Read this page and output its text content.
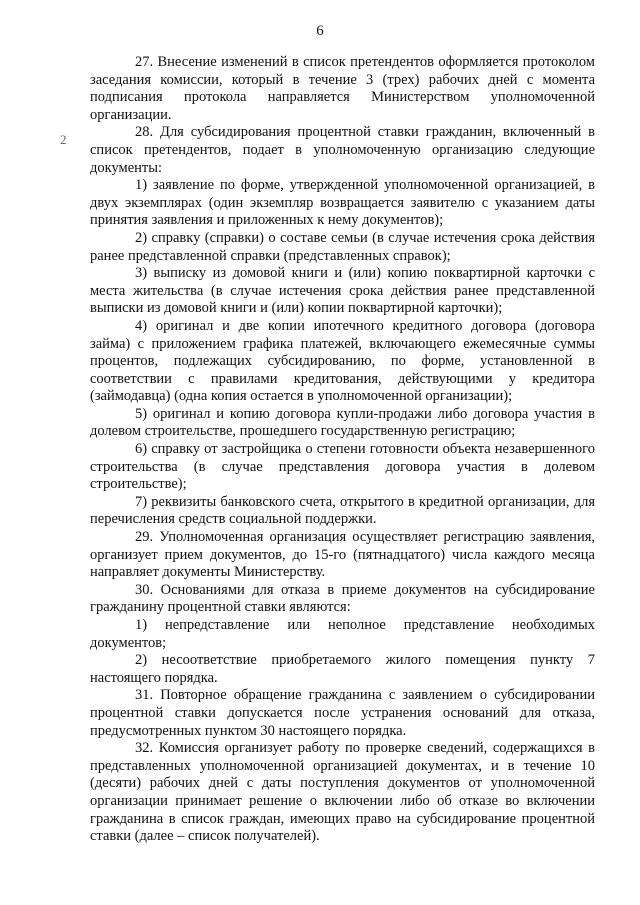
6
2

27. Внесение изменений в список претендентов оформляется протоколом заседания комиссии, который в течение 3 (трех) рабочих дней с момента подписания протокола направляется Министерством уполномоченной организации.

28. Для субсидирования процентной ставки гражданин, включенный в список претендентов, подает в уполномоченную организацию следующие документы:

1) заявление по форме, утвержденной уполномоченной организацией, в двух экземплярах (один экземпляр возвращается заявителю с указанием даты принятия заявления и приложенных к нему документов);

2) справку (справки) о составе семьи (в случае истечения срока действия ранее представленной справки (представленных справок);

3) выписку из домовой книги и (или) копию поквартирной карточки с места жительства (в случае истечения срока действия ранее представленной выписки из домовой книги и (или) копии поквартирной карточки);

4) оригинал и две копии ипотечного кредитного договора (договора займа) с приложением графика платежей, включающего ежемесячные суммы процентов, подлежащих субсидированию, по форме, установленной в соответствии с правилами кредитования, действующими у кредитора (займодавца) (одна копия остается в уполномоченной организации);

5) оригинал и копию договора купли-продажи либо договора участия в долевом строительстве, прошедшего государственную регистрацию;

6) справку от застройщика о степени готовности объекта незавершенного строительства (в случае представления договора участия в долевом строительстве);

7) реквизиты банковского счета, открытого в кредитной организации, для перечисления средств социальной поддержки.

29. Уполномоченная организация осуществляет регистрацию заявления, организует прием документов, до 15-го (пятнадцатого) числа каждого месяца направляет документы Министерству.

30. Основаниями для отказа в приеме документов на субсидирование гражданину процентной ставки являются:

1) непредставление или неполное представление необходимых документов;

2) несоответствие приобретаемого жилого помещения пункту 7 настоящего порядка.

31. Повторное обращение гражданина с заявлением о субсидировании процентной ставки допускается после устранения оснований для отказа, предусмотренных пунктом 30 настоящего порядка.

32. Комиссия организует работу по проверке сведений, содержащихся в представленных уполномоченной организацией документах, и в течение 10 (десяти) рабочих дней с даты поступления документов от уполномоченной организации принимает решение о включении либо об отказе во включении гражданина в список граждан, имеющих право на субсидирование процентной ставки (далее – список получателей).
